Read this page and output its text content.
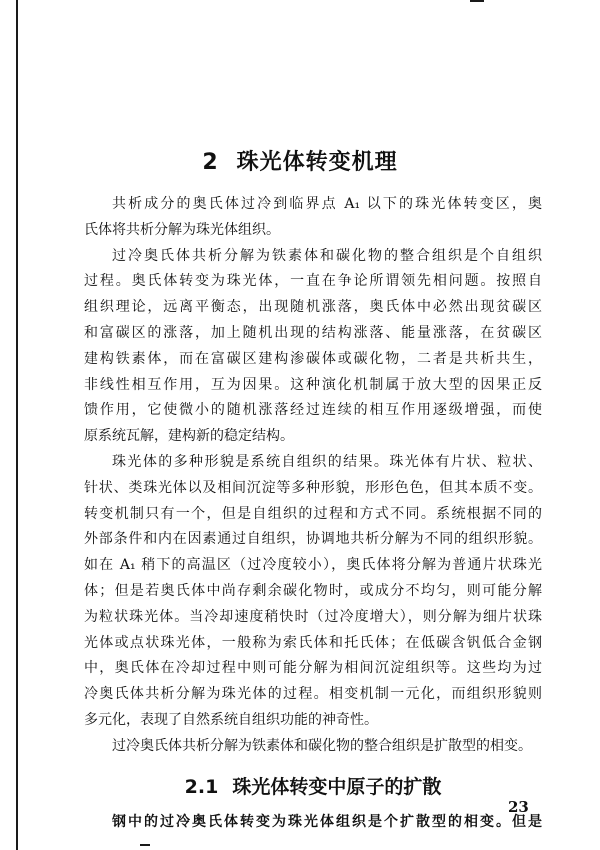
2 珠光体转变机理

共析成分的奥氏体过冷到临界点 A₁ 以下的珠光体转变区，奥
氏体将共析分解为珠光体组织。

过冷奥氏体共析分解为铁素体和碳化物的整合组织是个自组织
过程。奥氏体转变为珠光体，一直在争论所谓领先相问题。按照自
组织理论，远离平衡态，出现随机涨落，奥氏体中必然出现贫碳区
和富碳区的涨落，加上随机出现的结构涨落、能量涨落，在贫碳区
建构铁素体，而在富碳区建构渗碳体或碳化物，二者是共析共生，
非线性相互作用，互为因果。这种演化机制属于放大型的因果正反
馈作用，它使微小的随机涨落经过连续的相互作用逐级增强，而使
原系统瓦解，建构新的稳定结构。

珠光体的多种形貌是系统自组织的结果。珠光体有片状、粒状、
针状、类珠光体以及相间沉淀等多种形貌，形形色色，但其本质不变。
转变机制只有一个，但是自组织的过程和方式不同。系统根据不同的
外部条件和内在因素通过自组织，协调地共析分解为不同的组织形貌。
如在 A₁ 稍下的高温区（过冷度较小），奥氏体将分解为普通片状珠光
体；但是若奥氏体中尚存剩余碳化物时，或成分不均匀，则可能分解
为粒状珠光体。当冷却速度稍快时（过冷度增大），则分解为细片状珠
光体或点状珠光体，一般称为索氏体和托氏体；在低碳含钒低合金钢
中，奥氏体在冷却过程中则可能分解为相间沉淀组织等。这些均为过
冷奥氏体共析分解为珠光体的过程。相变机制一元化，而组织形貌则
多元化，表现了自然系统自组织功能的神奇性。

过冷奥氏体共析分解为铁素体和碳化物的整合组织是扩散型的相变。

2.1 珠光体转变中原子的扩散

钢中的过冷奥氏体转变为珠光体组织是个扩散型的相变。但是

23
